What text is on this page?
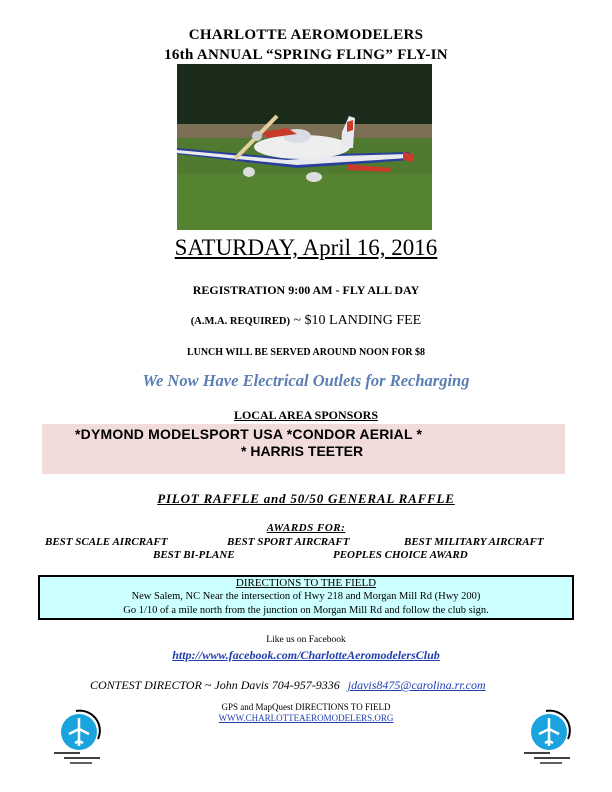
CHARLOTTE AEROMODELERS
16th ANNUAL “SPRING FLING” FLY-IN
SATURDAY, April 16, 2016
REGISTRATION 9:00 AM - FLY ALL DAY
(A.M.A. REQUIRED) ~ $10 LANDING FEE
LUNCH WILL BE SERVED AROUND NOON FOR $8
We Now Have Electrical Outlets for Recharging
LOCAL AREA SPONSORS
*DYMOND MODELSPORT USA *CONDOR AERIAL *
* HARRIS TEETER
PILOT RAFFLE and 50/50 GENERAL RAFFLE
AWARDS FOR:
BEST SCALE AIRCRAFT	BEST SPORT AIRCRAFT	BEST MILITARY AIRCRAFT
BEST BI-PLANE	PEOPLES CHOICE AWARD
DIRECTIONS TO THE FIELD
New Salem, NC Near the intersection of Hwy 218 and Morgan Mill Rd (Hwy 200)
Go 1/10 of a mile north from the junction on Morgan Mill Rd and follow the club sign.
Like us on Facebook
http://www.facebook.com/CharlotteAeromodelersClub
CONTEST DIRECTOR ~ John Davis 704-957-9336 jdavis8475@carolina.rr.com
GPS and MapQuest DIRECTIONS TO FIELD
WWW.CHARLOTTEAEROMODELERS.ORG
